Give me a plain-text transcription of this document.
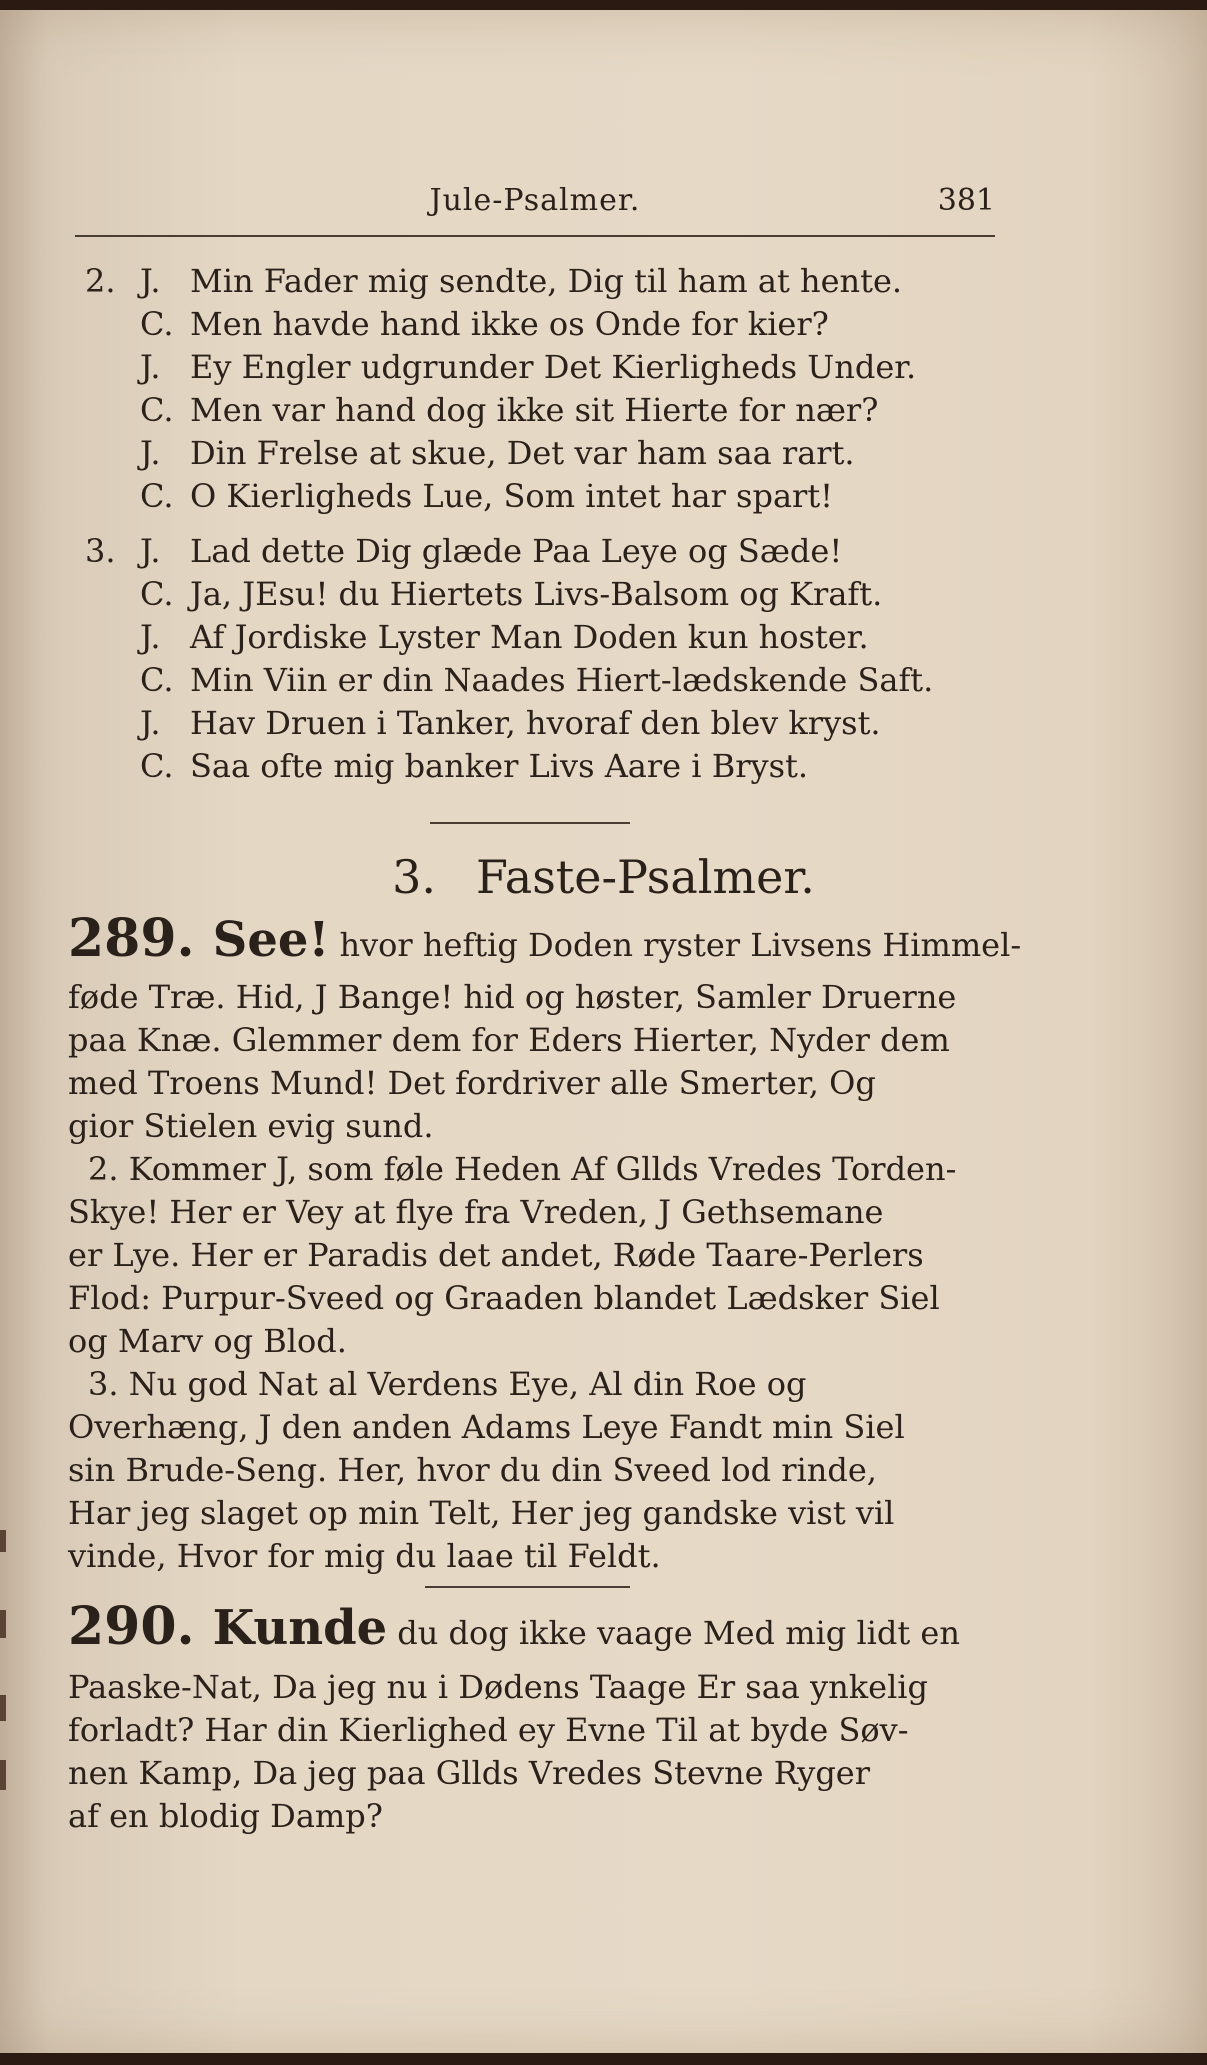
Jule-Psalmer.	381
2. J. Min Fader mig sendte, Dig til ham at hente.
C. Men havde hand ikke os Onde for kier?
J. Ey Engler udgrunder Det Kierligheds Under.
C. Men var hand dog ikke sit Hierte for nær?
J. Din Frelse at skue, Det var ham saa rart.
C. O Kierligheds Lue, Som intet har spart!
3. J. Lad dette Dig glæde Paa Leye og Sæde!
C. Ja, JEsu! du Hiertets Livs-Balsom og Kraft.
J. Af Jordiske Lyster Man Doden kun hoster.
C. Min Viin er din Naades Hiert-lædskende Saft.
J. Hav Druen i Tanker, hvoraf den blev kryst.
C. Saa ofte mig banker Livs Aare i Bryst.
3. Faste-Psalmer.
289. See! hvor heftig Doden ryster Livsens Himmel-
føde Træ. Hid, J Bange! hid og høster, Samler Druerne
paa Knæ. Glemmer dem for Eders Hierter, Nyder dem
med Troens Mund! Det fordriver alle Smerter, Og
gior Stielen evig sund.
2. Kommer J, som føle Heden Af Gllds Vredes Torden-
Skye! Her er Vey at flye fra Vreden, J Gethsemane
er Lye. Her er Paradis det andet, Røde Taare-Perlers
Flod: Purpur-Sveed og Graaden blandet Lædsker Siel
og Marv og Blod.
3. Nu god Nat al Verdens Eye, Al din Roe og
Overhæng, J den anden Adams Leye Fandt min Siel
sin Brude-Seng. Her, hvor du din Sveed lod rinde,
Har jeg slaget op min Telt, Her jeg gandske vist vil
vinde, Hvor for mig du laae til Feldt.
290. Kunde du dog ikke vaage Med mig lidt en
Paaske-Nat, Da jeg nu i Dødens Taage Er saa ynkelig
forladt? Har din Kierlighed ey Evne Til at byde Søv-
nen Kamp, Da jeg paa Gllds Vredes Stevne Ryger
af en blodig Damp?
